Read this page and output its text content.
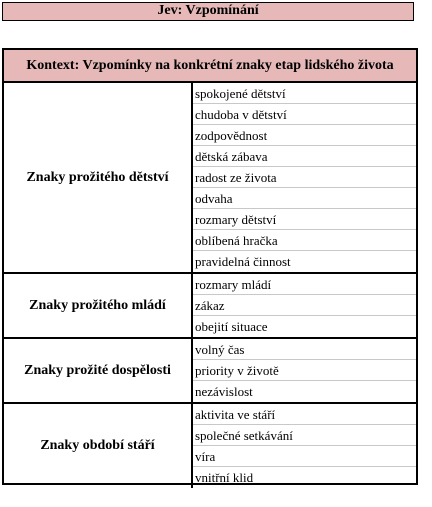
Jev: Vzpomínání
Kontext: Vzpomínky na konkrétní znaky etap lidského života
Znaky prožitého dětství
spokojené dětství
chudoba v dětství
zodpovědnost
dětská zábava
radost ze života
odvaha
rozmary dětství
oblíbená hračka
pravidelná činnost
Znaky prožitého mládí
rozmary mládí
zákaz
obejití situace
Znaky prožité dospělosti
volný čas
priority v životě
nezávislost
Znaky období stáří
aktivita ve stáří
společné setkávání
víra
vnitřní klid
